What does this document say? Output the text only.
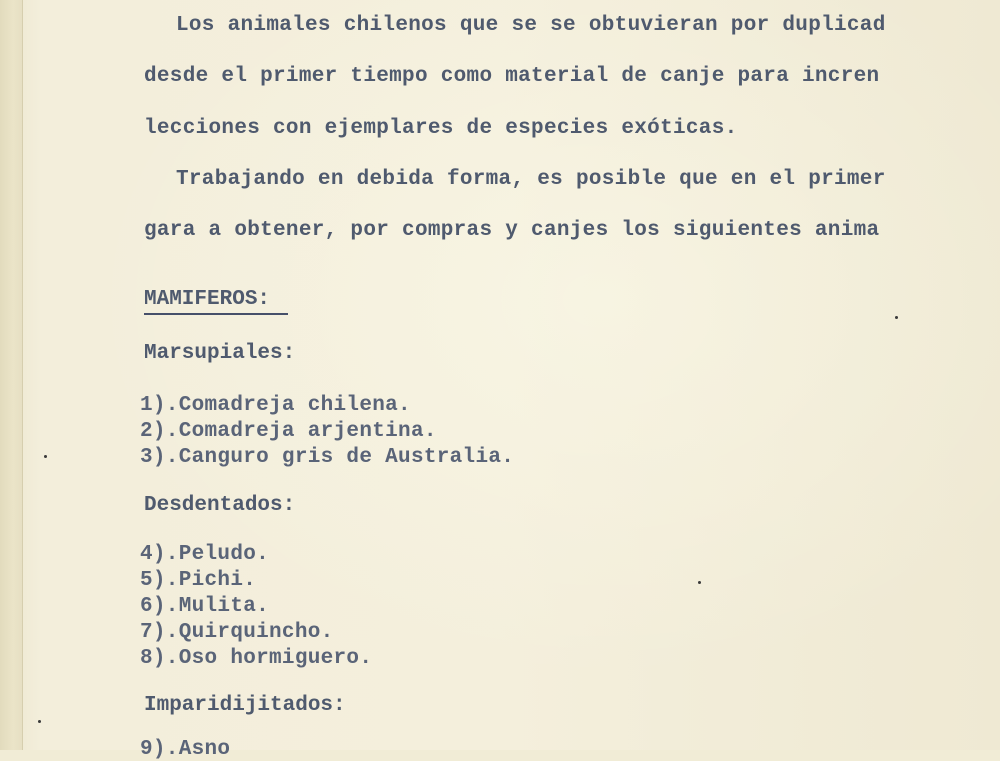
Los animales chilenos que se se obtuvieran por duplicad
desde el primer tiempo como material de canje para incren
lecciones con ejemplares de especies exóticas.
Trabajando en debida forma, es posible que en el primer
gara a obtener, por compras y canjes los siguientes anima
MAMIFEROS:
Marsupiales:
1).Comadreja chilena.
2).Comadreja arjentina.
3).Canguro gris de Australia.
Desdentados:
4).Peludo.
5).Pichi.
6).Mulita.
7).Quirquincho.
8).Oso hormiguero.
Imparidijitados:
9).Asno
